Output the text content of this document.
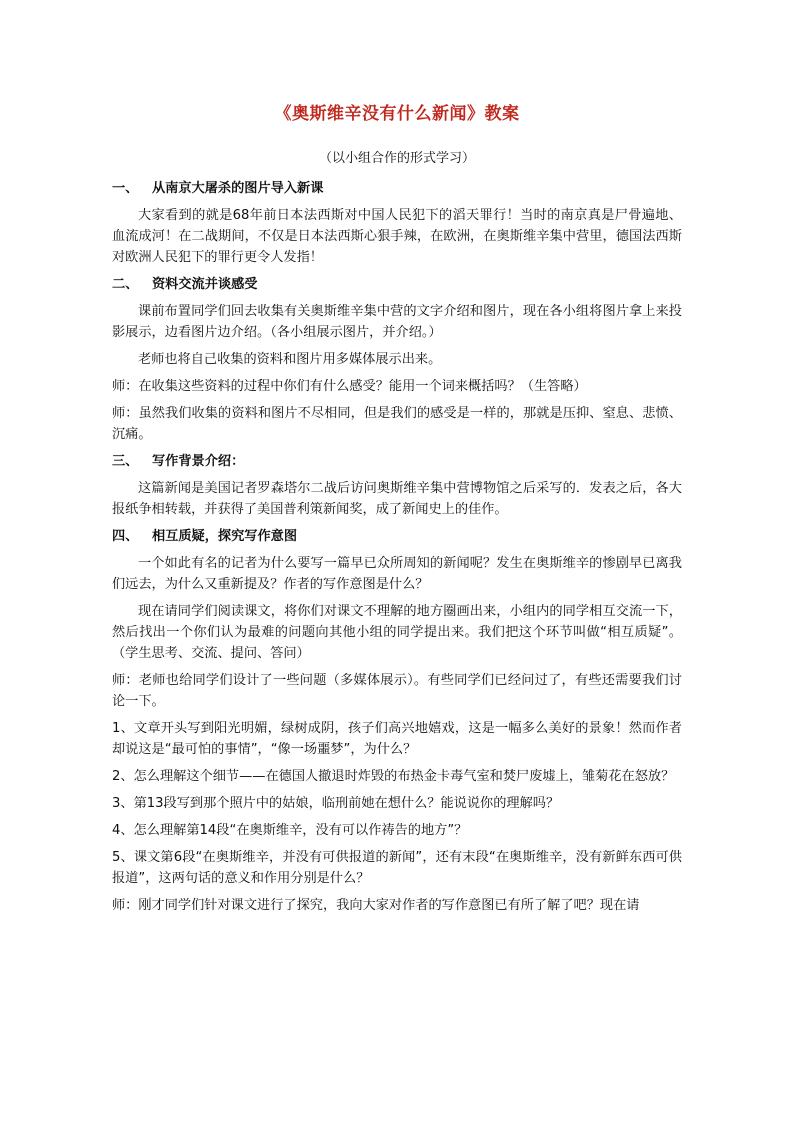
《奥斯维辛没有什么新闻》教案
（以小组合作的形式学习）
一、 从南京大屠杀的图片导入新课

大家看到的就是68年前日本法西斯对中国人民犯下的滔天罪行！当时的南京真是尸骨遍地、血流成河！在二战期间，不仅是日本法西斯心狠手辣，在欧洲，在奥斯维辛集中营里，德国法西斯对欧洲人民犯下的罪行更令人发指！

二、 资料交流并谈感受

课前布置同学们回去收集有关奥斯维辛集中营的文字介绍和图片，现在各小组将图片拿上来投影展示，边看图片边介绍。（各小组展示图片，并介绍。）

老师也将自己收集的资料和图片用多媒体展示出来。

师：在收集这些资料的过程中你们有什么感受？能用一个词来概括吗？（生答略）

师：虽然我们收集的资料和图片不尽相同，但是我们的感受是一样的，那就是压抑、窒息、悲愤、沉痛。

三、 写作背景介绍：

这篇新闻是美国记者罗森塔尔二战后访问奥斯维辛集中营博物馆之后采写的．发表之后，各大报纸争相转载，并获得了美国普利策新闻奖，成了新闻史上的佳作。

四、 相互质疑，探究写作意图

一个如此有名的记者为什么要写一篇早已众所周知的新闻呢？发生在奥斯维辛的惨剧早已离我们远去，为什么又重新提及？作者的写作意图是什么？

现在请同学们阅读课文，将你们对课文不理解的地方圈画出来，小组内的同学相互交流一下，然后找出一个你们认为最难的问题向其他小组的同学提出来。我们把这个环节叫做“相互质疑”。（学生思考、交流、提问、答问）

师：老师也给同学们设计了一些问题（多媒体展示）。有些同学们已经问过了，有些还需要我们讨论一下。

1、文章开头写到阳光明媚，绿树成阴，孩子们高兴地嬉戏，这是一幅多么美好的景象！然而作者却说这是“最可怕的事情”，“像一场噩梦”，为什么？

2、怎么理解这个细节——在德国人撤退时炸毁的布热金卡毒气室和焚尸废墟上，雏菊花在怒放？

3、第13段写到那个照片中的姑娘，临刑前她在想什么？能说说你的理解吗？

4、怎么理解第14段“在奥斯维辛，没有可以作祷告的地方”？

5、课文第6段“在奥斯维辛，并没有可供报道的新闻”，还有末段“在奥斯维辛，没有新鲜东西可供报道”，这两句话的意义和作用分别是什么？

师：刚才同学们针对课文进行了探究，我向大家对作者的写作意图已有所了解了吧？现在请
